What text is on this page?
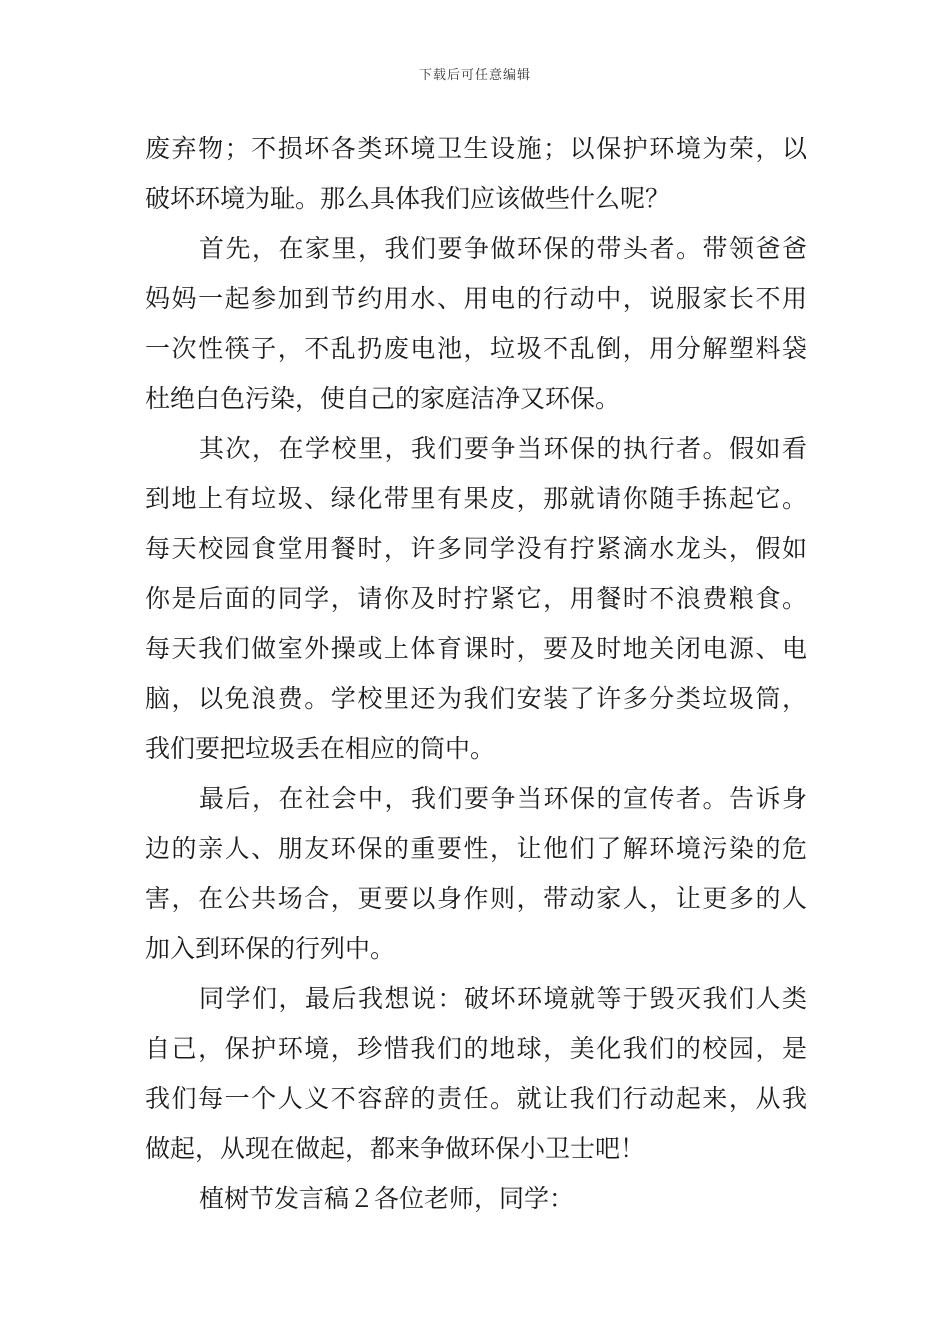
下载后可任意编辑
废弃物；不损坏各类环境卫生设施；以保护环境为荣，以
破坏环境为耻。那么具体我们应该做些什么呢？
首先，在家里，我们要争做环保的带头者。带领爸爸
妈妈一起参加到节约用水、用电的行动中，说服家长不用
一次性筷子，不乱扔废电池，垃圾不乱倒，用分解塑料袋
杜绝白色污染，使自己的家庭洁净又环保。
其次，在学校里，我们要争当环保的执行者。假如看
到地上有垃圾、绿化带里有果皮，那就请你随手拣起它。
每天校园食堂用餐时，许多同学没有拧紧滴水龙头，假如
你是后面的同学，请你及时拧紧它，用餐时不浪费粮食。
每天我们做室外操或上体育课时，要及时地关闭电源、电
脑，以免浪费。学校里还为我们安装了许多分类垃圾筒，
我们要把垃圾丢在相应的筒中。
最后，在社会中，我们要争当环保的宣传者。告诉身
边的亲人、朋友环保的重要性，让他们了解环境污染的危
害，在公共场合，更要以身作则，带动家人，让更多的人
加入到环保的行列中。
同学们，最后我想说：破坏环境就等于毁灭我们人类
自己，保护环境，珍惜我们的地球，美化我们的校园，是
我们每一个人义不容辞的责任。就让我们行动起来，从我
做起，从现在做起，都来争做环保小卫士吧！
植树节发言稿２各位老师，同学：
